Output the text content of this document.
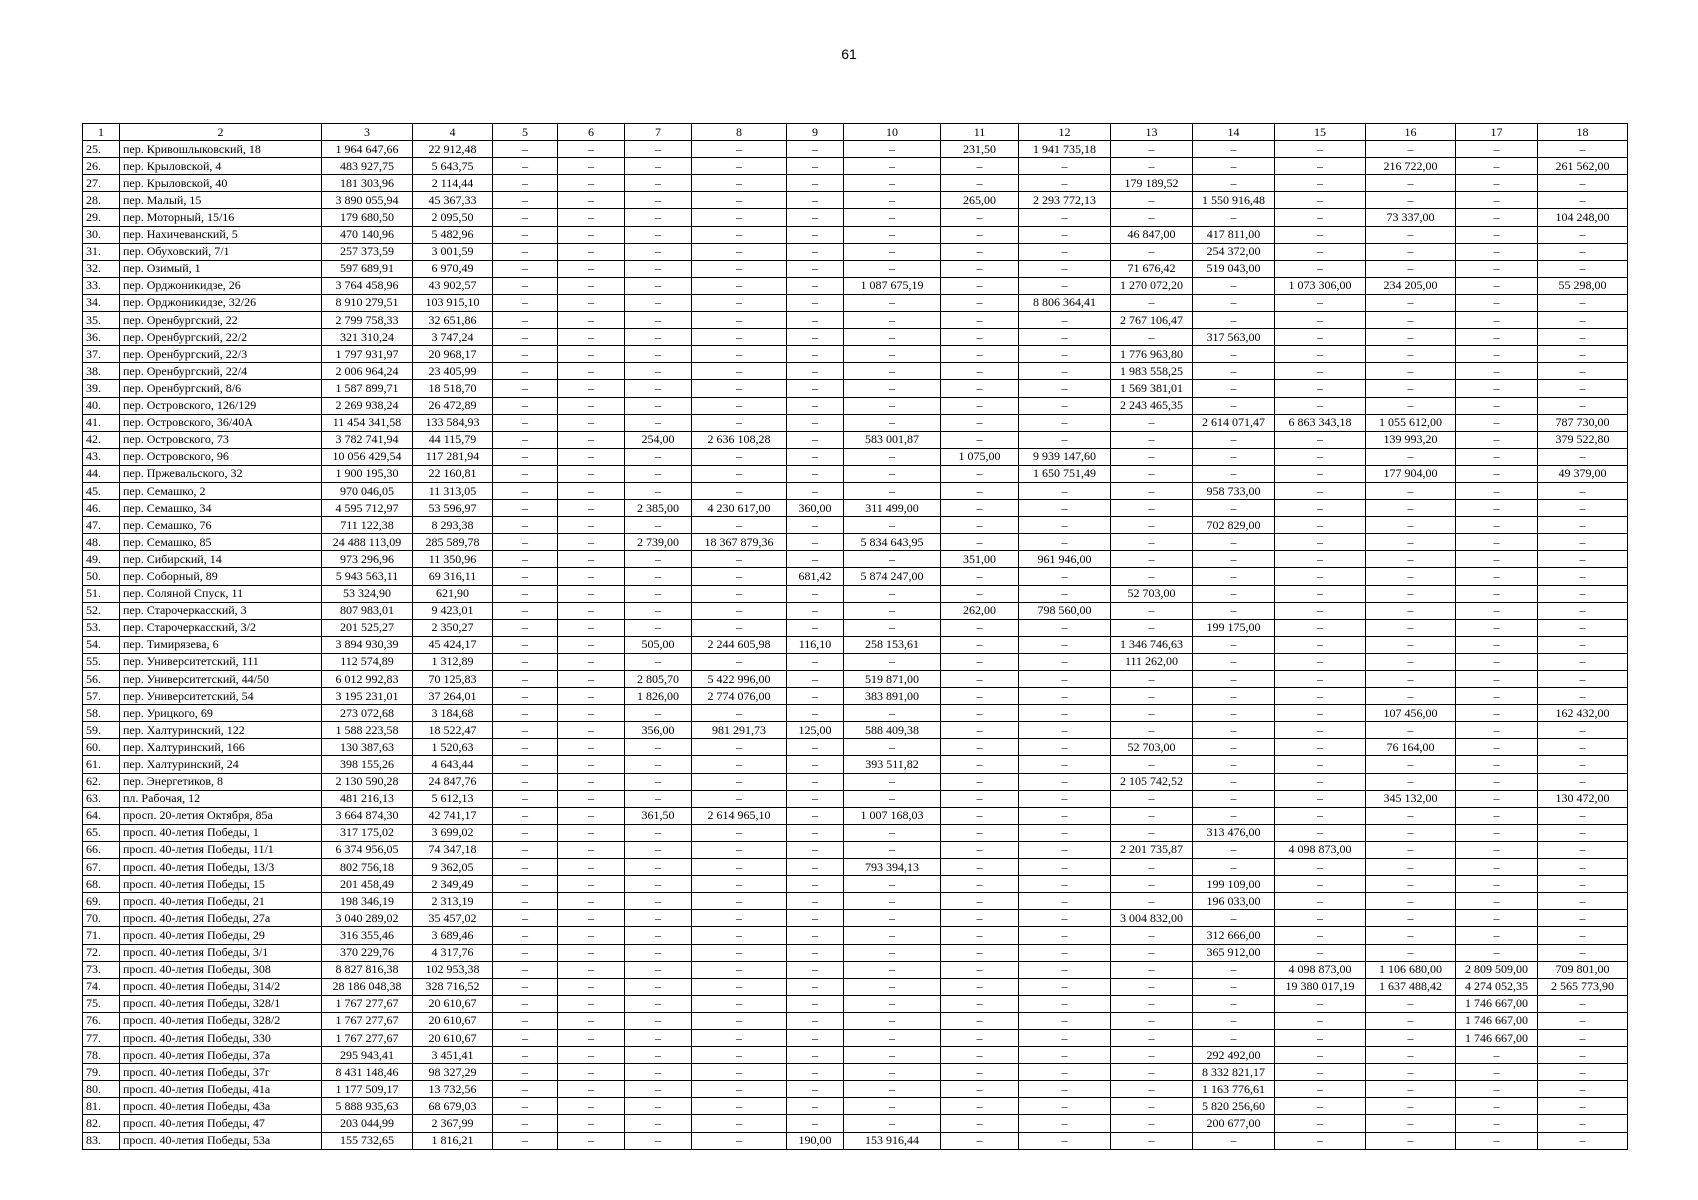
61
1	2	3	4	5	6	7	8	9	10	11	12	13	14	15	16	17	18
25.	пер. Кривошлыковский, 18	1 964 647,66	22 912,48	–	–	–	–	–	–	231,50	1 941 735,18	–	–	–	–	–	–
26.	пер. Крыловской, 4	483 927,75	5 643,75	–	–	–	–	–	–	–	–	–	–	–	216 722,00	–	261 562,00
27.	пер. Крыловской, 40	181 303,96	2 114,44	–	–	–	–	–	–	–	–	179 189,52	–	–	–	–	–
28.	пер. Малый, 15	3 890 055,94	45 367,33	–	–	–	–	–	–	265,00	2 293 772,13	–	1 550 916,48	–	–	–	–
29.	пер. Моторный, 15/16	179 680,50	2 095,50	–	–	–	–	–	–	–	–	–	–	–	73 337,00	–	104 248,00
30.	пер. Нахичеванский, 5	470 140,96	5 482,96	–	–	–	–	–	–	–	–	46 847,00	417 811,00	–	–	–	–
31.	пер. Обуховский, 7/1	257 373,59	3 001,59	–	–	–	–	–	–	–	–	–	254 372,00	–	–	–	–
32.	пер. Озимый, 1	597 689,91	6 970,49	–	–	–	–	–	–	–	–	71 676,42	519 043,00	–	–	–	–
33.	пер. Орджоникидзе, 26	3 764 458,96	43 902,57	–	–	–	–	–	1 087 675,19	–	–	1 270 072,20	–	1 073 306,00	234 205,00	–	55 298,00
34.	пер. Орджоникидзе, 32/26	8 910 279,51	103 915,10	–	–	–	–	–	–	–	8 806 364,41	–	–	–	–	–	–
35.	пер. Оренбургский, 22	2 799 758,33	32 651,86	–	–	–	–	–	–	–	–	2 767 106,47	–	–	–	–	–
36.	пер. Оренбургский, 22/2	321 310,24	3 747,24	–	–	–	–	–	–	–	–	–	317 563,00	–	–	–	–
37.	пер. Оренбургский, 22/3	1 797 931,97	20 968,17	–	–	–	–	–	–	–	–	1 776 963,80	–	–	–	–	–
38.	пер. Оренбургский, 22/4	2 006 964,24	23 405,99	–	–	–	–	–	–	–	–	1 983 558,25	–	–	–	–	–
39.	пер. Оренбургский, 8/6	1 587 899,71	18 518,70	–	–	–	–	–	–	–	–	1 569 381,01	–	–	–	–	–
40.	пер. Островского, 126/129	2 269 938,24	26 472,89	–	–	–	–	–	–	–	–	2 243 465,35	–	–	–	–	–
41.	пер. Островского, 36/40А	11 454 341,58	133 584,93	–	–	–	–	–	–	–	–	–	2 614 071,47	6 863 343,18	1 055 612,00	–	787 730,00
42.	пер. Островского, 73	3 782 741,94	44 115,79	–	–	254,00	2 636 108,28	–	583 001,87	–	–	–	–	–	139 993,20	–	379 522,80
43.	пер. Островского, 96	10 056 429,54	117 281,94	–	–	–	–	–	–	1 075,00	9 939 147,60	–	–	–	–	–	–
44.	пер. Пржевальского, 32	1 900 195,30	22 160,81	–	–	–	–	–	–	–	1 650 751,49	–	–	–	177 904,00	–	49 379,00
45.	пер. Семашко, 2	970 046,05	11 313,05	–	–	–	–	–	–	–	–	–	958 733,00	–	–	–	–
46.	пер. Семашко, 34	4 595 712,97	53 596,97	–	–	2 385,00	4 230 617,00	360,00	311 499,00	–	–	–	–	–	–	–	–
47.	пер. Семашко, 76	711 122,38	8 293,38	–	–	–	–	–	–	–	–	–	702 829,00	–	–	–	–
48.	пер. Семашко, 85	24 488 113,09	285 589,78	–	–	2 739,00	18 367 879,36	–	5 834 643,95	–	–	–	–	–	–	–	–
49.	пер. Сибирский, 14	973 296,96	11 350,96	–	–	–	–	–	–	351,00	961 946,00	–	–	–	–	–	–
50.	пер. Соборный, 89	5 943 563,11	69 316,11	–	–	–	–	681,42	5 874 247,00	–	–	–	–	–	–	–	–
51.	пер. Соляной Спуск, 11	53 324,90	621,90	–	–	–	–	–	–	–	–	52 703,00	–	–	–	–	–
52.	пер. Старочеркасский, 3	807 983,01	9 423,01	–	–	–	–	–	–	262,00	798 560,00	–	–	–	–	–	–
53.	пер. Старочеркасский, 3/2	201 525,27	2 350,27	–	–	–	–	–	–	–	–	–	199 175,00	–	–	–	–
54.	пер. Тимирязева, 6	3 894 930,39	45 424,17	–	–	505,00	2 244 605,98	116,10	258 153,61	–	–	1 346 746,63	–	–	–	–	–
55.	пер. Университетский, 111	112 574,89	1 312,89	–	–	–	–	–	–	–	–	111 262,00	–	–	–	–	–
56.	пер. Университетский, 44/50	6 012 992,83	70 125,83	–	–	2 805,70	5 422 996,00	–	519 871,00	–	–	–	–	–	–	–	–
57.	пер. Университетский, 54	3 195 231,01	37 264,01	–	–	1 826,00	2 774 076,00	–	383 891,00	–	–	–	–	–	–	–	–
58.	пер. Урицкого, 69	273 072,68	3 184,68	–	–	–	–	–	–	–	–	–	–	–	107 456,00	–	162 432,00
59.	пер. Халтуринский, 122	1 588 223,58	18 522,47	–	–	356,00	981 291,73	125,00	588 409,38	–	–	–	–	–	–	–	–
60.	пер. Халтуринский, 166	130 387,63	1 520,63	–	–	–	–	–	–	–	–	52 703,00	–	–	76 164,00	–	–
61.	пер. Халтуринский, 24	398 155,26	4 643,44	–	–	–	–	–	393 511,82	–	–	–	–	–	–	–	–
62.	пер. Энергетиков, 8	2 130 590,28	24 847,76	–	–	–	–	–	–	–	–	2 105 742,52	–	–	–	–	–
63.	пл. Рабочая, 12	481 216,13	5 612,13	–	–	–	–	–	–	–	–	–	–	–	345 132,00	–	130 472,00
64.	просп. 20-летия Октября, 85а	3 664 874,30	42 741,17	–	–	361,50	2 614 965,10	–	1 007 168,03	–	–	–	–	–	–	–	–
65.	просп. 40-летия Победы, 1	317 175,02	3 699,02	–	–	–	–	–	–	–	–	–	313 476,00	–	–	–	–
66.	просп. 40-летия Победы, 11/1	6 374 956,05	74 347,18	–	–	–	–	–	–	–	–	2 201 735,87	–	4 098 873,00	–	–	–
67.	просп. 40-летия Победы, 13/3	802 756,18	9 362,05	–	–	–	–	–	793 394,13	–	–	–	–	–	–	–	–
68.	просп. 40-летия Победы, 15	201 458,49	2 349,49	–	–	–	–	–	–	–	–	–	199 109,00	–	–	–	–
69.	просп. 40-летия Победы, 21	198 346,19	2 313,19	–	–	–	–	–	–	–	–	–	196 033,00	–	–	–	–
70.	просп. 40-летия Победы, 27а	3 040 289,02	35 457,02	–	–	–	–	–	–	–	–	3 004 832,00	–	–	–	–	–
71.	просп. 40-летия Победы, 29	316 355,46	3 689,46	–	–	–	–	–	–	–	–	–	312 666,00	–	–	–	–
72.	просп. 40-летия Победы, 3/1	370 229,76	4 317,76	–	–	–	–	–	–	–	–	–	365 912,00	–	–	–	–
73.	просп. 40-летия Победы, 308	8 827 816,38	102 953,38	–	–	–	–	–	–	–	–	–	–	4 098 873,00	1 106 680,00	2 809 509,00	709 801,00
74.	просп. 40-летия Победы, 314/2	28 186 048,38	328 716,52	–	–	–	–	–	–	–	–	–	–	19 380 017,19	1 637 488,42	4 274 052,35	2 565 773,90
75.	просп. 40-летия Победы, 328/1	1 767 277,67	20 610,67	–	–	–	–	–	–	–	–	–	–	–	–	1 746 667,00	–
76.	просп. 40-летия Победы, 328/2	1 767 277,67	20 610,67	–	–	–	–	–	–	–	–	–	–	–	–	1 746 667,00	–
77.	просп. 40-летия Победы, 330	1 767 277,67	20 610,67	–	–	–	–	–	–	–	–	–	–	–	–	1 746 667,00	–
78.	просп. 40-летия Победы, 37а	295 943,41	3 451,41	–	–	–	–	–	–	–	–	–	292 492,00	–	–	–	–
79.	просп. 40-летия Победы, 37г	8 431 148,46	98 327,29	–	–	–	–	–	–	–	–	–	8 332 821,17	–	–	–	–
80.	просп. 40-летия Победы, 41а	1 177 509,17	13 732,56	–	–	–	–	–	–	–	–	–	1 163 776,61	–	–	–	–
81.	просп. 40-летия Победы, 43а	5 888 935,63	68 679,03	–	–	–	–	–	–	–	–	–	5 820 256,60	–	–	–	–
82.	просп. 40-летия Победы, 47	203 044,99	2 367,99	–	–	–	–	–	–	–	–	–	200 677,00	–	–	–	–
83.	просп. 40-летия Победы, 53а	155 732,65	1 816,21	–	–	–	–	190,00	153 916,44	–	–	–	–	–	–	–	–
